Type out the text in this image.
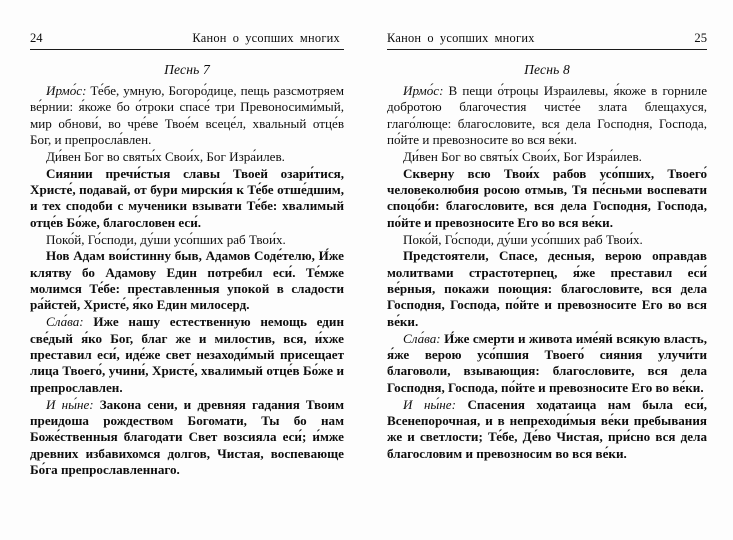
24	Канон о усопших многих
Песнь 7

Ирмо́с: Те́бе, умную, Богоро́дице, пещь разсмотряем ве́рнии: я́коже бо о́троки спасе́ три Превоносими́мый, мир обнови́, во чре́ве Твое́м всеце́л, хвальный отце́в Бог, и препросла́влен.

Ди́вен Бог во святы́х Свои́х, Бог Изра́илев.

Сиянии пречи́стыя славы Твоей озари́тися, Христе́, подавай, от бури мирски́я к Те́бе отше́дшим, и тех сподоби с мученики взывати Те́бе: хвалимый отце́в Бо́же, благословен еси́.

Поко́й, Го́споди, ду́ши усо́пших раб Твои́х.

Нов Адам вои́стинну быв, Адамов Соде́телю, И́же клятву бо Адамову Един потребил еси́. Те́мже молимся Те́бе: преставленныя упокой в сладости ра́йстей, Христе́, я́ко Един милосерд.

Сла́ва: Иже нашу естественную немощь един све́дый я́ко Бог, благ же и милостив, вся, и́хже преставил еси́, иде́же свет незаходи́мый присещает лица Твоего́, учини́, Христе́, хвалимый отце́в Бо́же и препрославлен.

И ны́не: Закона сени, и древняя гадания Твоим преидоша рождеством Богомати, Ты бо нам Боже́ственныя благодати Свет возсияла еси́; и́мже древних избавихомся долгов, Чистая, воспевающе Бо́га препрославленнаго.

Канон о усопших многих	25
Песнь 8

Ирмо́с: В пещи о́троцы Израилевы, я́коже в горниле добротою благочестия чисте́е злата блещахуся, глаго́люще: благословите, вся дела Господня, Господа, по́йте и превозносите во вся ве́ки.

Ди́вен Бог во святы́х Свои́х, Бог Изра́илев.

Скверну всю Твои́х рабов усо́пших, Твоего́ человеколюбия росою отмыв, Тя пе́сньми воспевати споцо́би: благословите, вся дела Господня, Господа, по́йте и превозносите Его во вся ве́ки.

Поко́й, Го́споди, ду́ши усо́пших раб Твои́х.

Предстоятели, Спасе, десныя, верою оправдав молитвами страстотерпец, я́же преставил еси́ ве́рныя, покажи поющия: благословите, вся дела Господня, Господа, по́йте и превозносите Его во вся ве́ки.

Сла́ва: И́же смерти и живота име́яй всякую власть, я́же верою усо́пшия Твоего́ сияния улучи́ти благоволи, взывающия: благословите, вся дела Господня, Господа, по́йте и превозносите Его во ве́ки.

И ны́не: Спасения ходатаица нам была еси́, Всенепорочная, и в непреходи́мыя ве́ки пребывания же и светлости; Те́бе, Де́во Чистая, при́сно вся дела благословим и превозносим во вся ве́ки.
